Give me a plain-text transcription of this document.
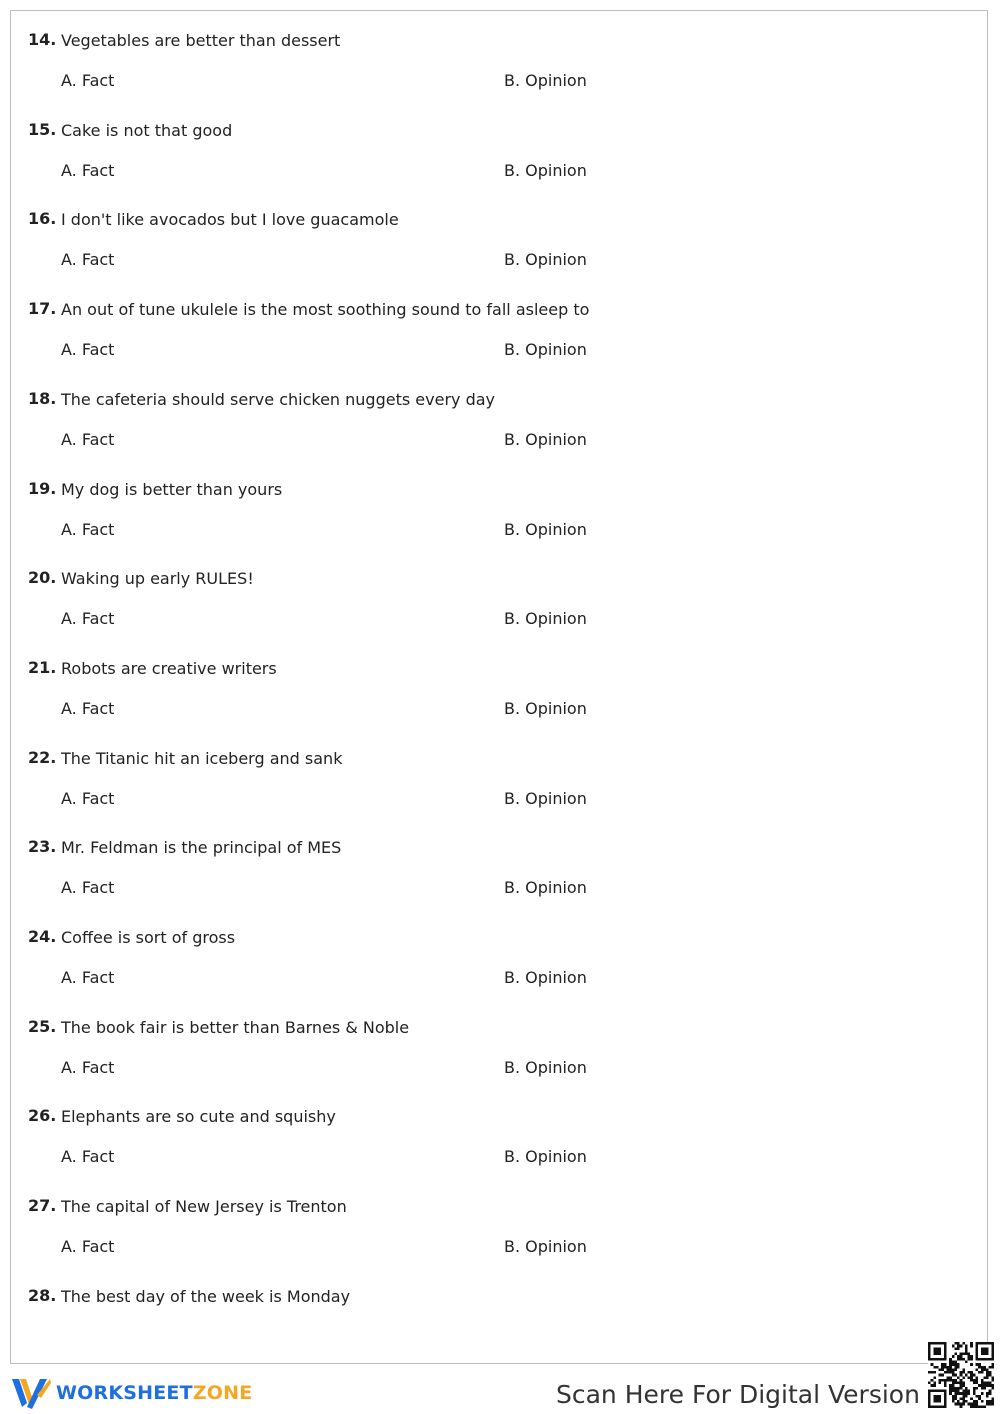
14. Vegetables are better than dessert
A. Fact	B. Opinion
15. Cake is not that good
A. Fact	B. Opinion
16. I don't like avocados but I love guacamole
A. Fact	B. Opinion
17. An out of tune ukulele is the most soothing sound to fall asleep to
A. Fact	B. Opinion
18. The cafeteria should serve chicken nuggets every day
A. Fact	B. Opinion
19. My dog is better than yours
A. Fact	B. Opinion
20. Waking up early RULES!
A. Fact	B. Opinion
21. Robots are creative writers
A. Fact	B. Opinion
22. The Titanic hit an iceberg and sank
A. Fact	B. Opinion
23. Mr. Feldman is the principal of MES
A. Fact	B. Opinion
24. Coffee is sort of gross
A. Fact	B. Opinion
25. The book fair is better than Barnes & Noble
A. Fact	B. Opinion
26. Elephants are so cute and squishy
A. Fact	B. Opinion
27. The capital of New Jersey is Trenton
A. Fact	B. Opinion
28. The best day of the week is Monday
WORKSHEETZONE	Scan Here For Digital Version
